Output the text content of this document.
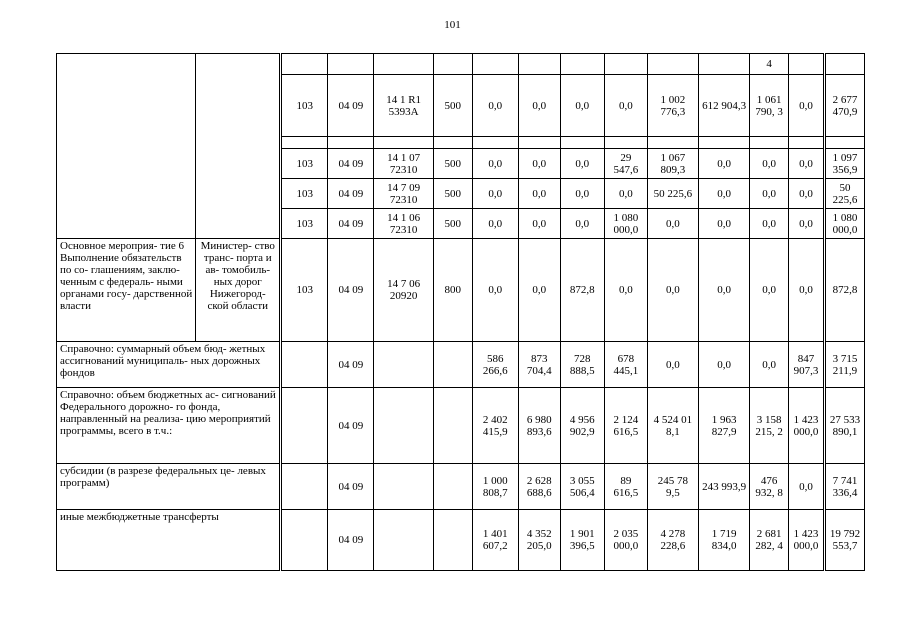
101
												4		
		103	04 09	14 1 R1 5393A	500	0,0	0,0	0,0	0,0	1 002 776,3	612 904,3	1 061 790, 3	0,0	2 677 470,9

		103	04 09	14 1 07 72310	500	0,0	0,0	0,0	29 547,6	1 067 809,3	0,0	0,0	0,0	1 097 356,9
		103	04 09	14 7 09 72310	500	0,0	0,0	0,0	0,0	50 225,6	0,0	0,0	0,0	50 225,6
		103	04 09	14 1 06 72310	500	0,0	0,0	0,0	1 080 000,0	0,0	0,0	0,0	0,0	1 080 000,0
Основное мероприя- тие 6 Выполнение обязательств по со- глашениям, заклю- ченным с федераль- ными органами госу- дарственной власти	Министер- ство транс- порта и ав- томобиль- ных дорог Нижегород- ской области	103	04 09	14 7 06 20920	800	0,0	0,0	872,8	0,0	0,0	0,0	0,0	0,0	872,8
Справочно: суммарный объем бюд- жетных ассигнований муниципаль- ных дорожных фондов			04 09			586 266,6	873 704,4	728 888,5	678 445,1	0,0	0,0	0,0	847 907,3	3 715 211,9
Справочно: объем бюджетных ас- сигнований Федерального дорожно- го фонда, направленный на реализа- цию мероприятий программы, всего в т.ч.:			04 09			2 402 415,9	6 980 893,6	4 956 902,9	2 124 616,5	4 524 01 8,1	1 963 827,9	3 158 215, 2	1 423 000,0	27 533 890,1
субсидии (в разрезе федеральных це- левых программ)			04 09			1 000 808,7	2 628 688,6	3 055 506,4	89 616,5	245 78 9,5	243 993,9	476 932, 8	0,0	7 741 336,4
иные межбюджетные трансферты			04 09			1 401 607,2	4 352 205,0	1 901 396,5	2 035 000,0	4 278 228,6	1 719 834,0	2 681 282, 4	1 423 000,0	19 792 553,7
